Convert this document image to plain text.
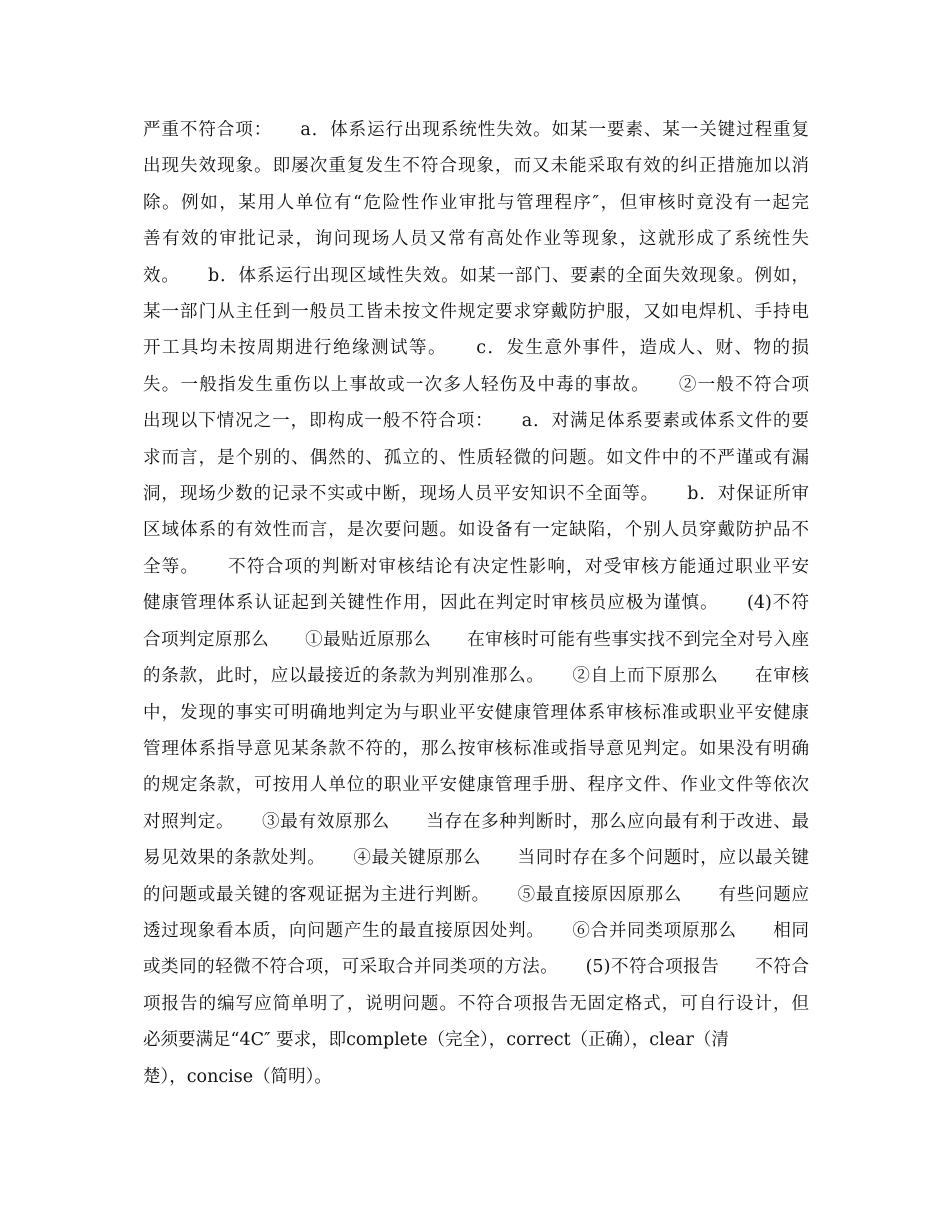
严重不符合项：　　a．体系运行出现系统性失效。如某一要素、某一关键过程重复
出现失效现象。即屡次重复发生不符合现象，而又未能采取有效的纠正措施加以消
除。例如，某用人单位有“危险性作业审批与管理程序″，但审核时竟没有一起完
善有效的审批记录，询问现场人员又常有高处作业等现象，这就形成了系统性失
效。　　b．体系运行出现区域性失效。如某一部门、要素的全面失效现象。例如，
某一部门从主任到一般员工皆未按文件规定要求穿戴防护服，又如电焊机、手持电
开工具均未按周期进行绝缘测试等。　　c．发生意外事件，造成人、财、物的损
失。一般指发生重伤以上事故或一次多人轻伤及中毒的事故。　　②一般不符合项
出现以下情况之一，即构成一般不符合项：　　a．对满足体系要素或体系文件的要
求而言，是个别的、偶然的、孤立的、性质轻微的问题。如文件中的不严谨或有漏
洞，现场少数的记录不实或中断，现场人员平安知识不全面等。　　b．对保证所审
区域体系的有效性而言，是次要问题。如设备有一定缺陷，个别人员穿戴防护品不
全等。　　不符合项的判断对审核结论有决定性影响，对受审核方能通过职业平安
健康管理体系认证起到关键性作用，因此在判定时审核员应极为谨慎。　　(4)不符
合项判定原那么　　①最贴近原那么　　在审核时可能有些事实找不到完全对号入座
的条款，此时，应以最接近的条款为判别准那么。　　②自上而下原那么　　在审核
中，发现的事实可明确地判定为与职业平安健康管理体系审核标准或职业平安健康
管理体系指导意见某条款不符的，那么按审核标准或指导意见判定。如果没有明确
的规定条款，可按用人单位的职业平安健康管理手册、程序文件、作业文件等依次
对照判定。　　③最有效原那么　　当存在多种判断时，那么应向最有利于改进、最
易见效果的条款处判。　　④最关键原那么　　当同时存在多个问题时，应以最关键
的问题或最关键的客观证据为主进行判断。　　⑤最直接原因原那么　　有些问题应
透过现象看本质，向问题产生的最直接原因处判。　　⑥合并同类项原那么　　相同
或类同的轻微不符合项，可采取合并同类项的方法。　　(5)不符合项报告　　不符合
项报告的编写应简单明了，说明问题。不符合项报告无固定格式，可自行设计，但
必须要满足“4C″ 要求，即complete（完全），correct（正确），clear（清
楚），concise（简明）。
